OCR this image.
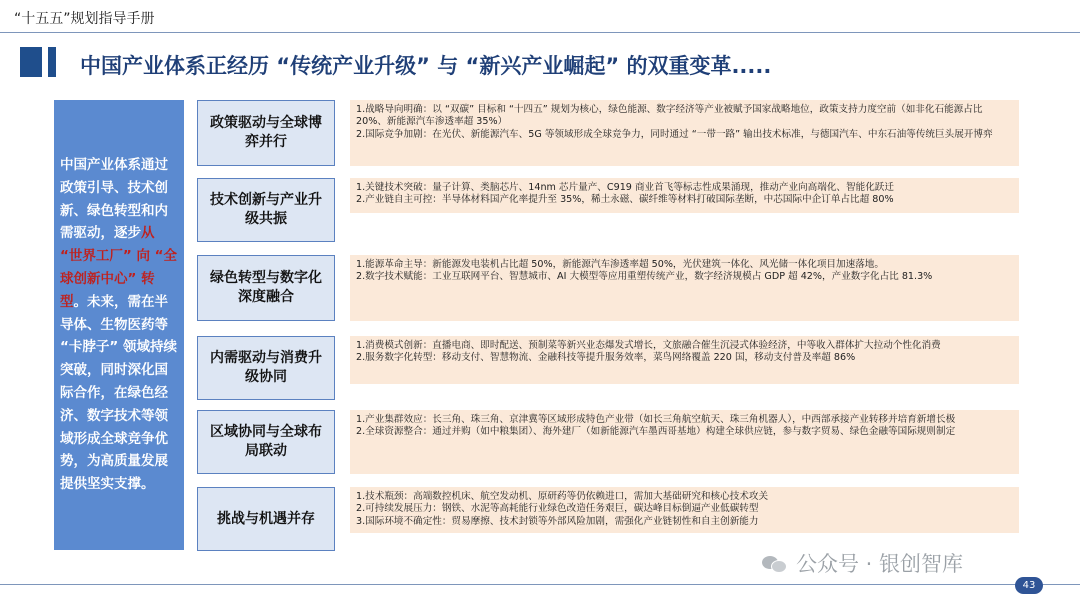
“十五五”规划指导手册
中国产业体系正经历 “传统产业升级” 与 “新兴产业崛起” 的双重变革.....
中国产业体系通过政策引导、技术创新、绿色转型和内需驱动，逐步从 “世界工厂” 向 “全球创新中心” 转型。未来，需在半导体、生物医药等 “卡脖子” 领域持续突破，同时深化国际合作，在绿色经济、数字技术等领域形成全球竞争优势，为高质量发展提供坚实支撑。
政策驱动与全球博弈并行

1.战略导向明确：以 “双碳” 目标和 “十四五” 规划为核心，绿色能源、数字经济等产业被赋予国家战略地位，政策支持力度空前（如非化石能源占比 20%、新能源汽车渗透率超 35%）

2.国际竞争加剧：在光伏、新能源汽车、5G 等领域形成全球竞争力，同时通过 “一带一路” 输出技术标准，与德国汽车、中东石油等传统巨头展开博弈

技术创新与产业升级共振

1.关键技术突破：量子计算、类脑芯片、14nm 芯片量产、C919 商业首飞等标志性成果涌现，推动产业向高端化、智能化跃迁

2.产业链自主可控：半导体材料国产化率提升至 35%，稀土永磁、碳纤维等材料打破国际垄断，中芯国际中企订单占比超 80%

绿色转型与数字化深度融合

1.能源革命主导：新能源发电装机占比超 50%，新能源汽车渗透率超 50%，光伏建筑一体化、风光储一体化项目加速落地。

2.数字技术赋能：工业互联网平台、智慧城市、AI 大模型等应用重塑传统产业，数字经济规模占 GDP 超 42%，产业数字化占比 81.3%

内需驱动与消费升级协同

1.消费模式创新：直播电商、即时配送、预制菜等新兴业态爆发式增长，文旅融合催生沉浸式体验经济，中等收入群体扩大拉动个性化消费

2.服务数字化转型：移动支付、智慧物流、金融科技等提升服务效率，菜鸟网络覆盖 220 国，移动支付普及率超 86%

区域协同与全球布局联动

1.产业集群效应：长三角、珠三角、京津冀等区域形成特色产业带（如长三角航空航天、珠三角机器人），中西部承接产业转移并培育新增长极

2.全球资源整合：通过并购（如中粮集团）、海外建厂（如新能源汽车墨西哥基地）构建全球供应链，参与数字贸易、绿色金融等国际规则制定

挑战与机遇并存

1.技术瓶颈：高端数控机床、航空发动机、原研药等仍依赖进口，需加大基础研究和核心技术攻关

2.可持续发展压力：钢铁、水泥等高耗能行业绿色改造任务艰巨，碳达峰目标倒逼产业低碳转型

3.国际环境不确定性：贸易摩擦、技术封锁等外部风险加剧，需强化产业链韧性和自主创新能力

公众号 · 银创智库
43
